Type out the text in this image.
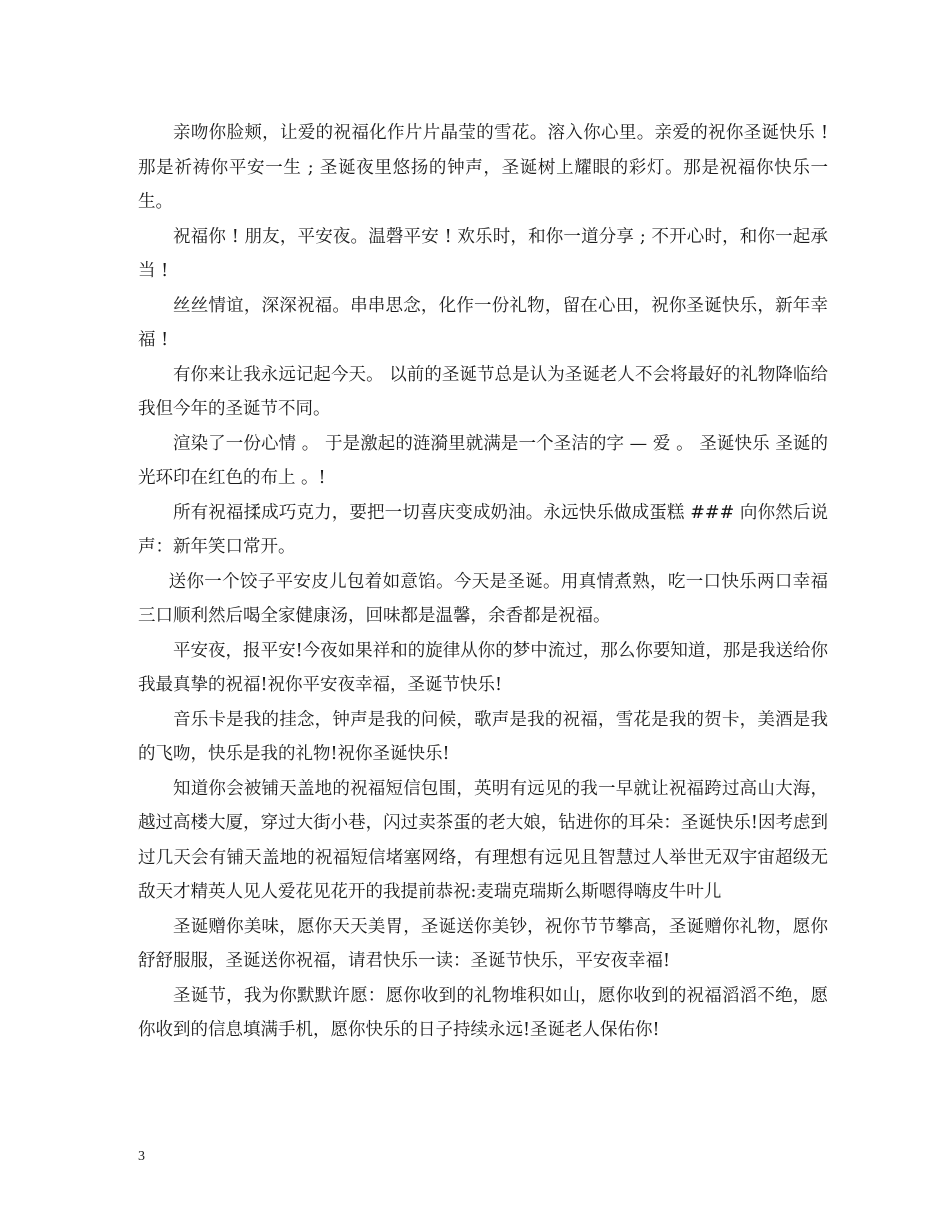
亲吻你脸颊，让爱的祝福化作片片晶莹的雪花。溶入你心里。亲爱的祝你圣诞快乐 !那是祈祷你平安一生 ; 圣诞夜里悠扬的钟声，圣诞树上耀眼的彩灯。那是祝福你快乐一生。

祝福你 ! 朋友，平安夜。温磬平安 ! 欢乐时，和你一道分享 ; 不开心时，和你一起承当 !

丝丝情谊，深深祝福。串串思念，化作一份礼物，留在心田，祝你圣诞快乐，新年幸福 !

有你来让我永远记起今天。 以前的圣诞节总是认为圣诞老人不会将最好的礼物降临给我但今年的圣诞节不同。

渲染了一份心情 。 于是激起的涟漪里就满是一个圣洁的字 — 爱 。 圣诞快乐 圣诞的光环印在红色的布上 。!

所有祝福揉成巧克力，要把一切喜庆变成奶油。永远快乐做成蛋糕 ### 向你然后说声：新年笑口常开。

送你一个饺子平安皮儿包着如意馅。今天是圣诞。用真情煮熟，吃一口快乐两口幸福三口顺利然后喝全家健康汤，回味都是温馨，余香都是祝福。

平安夜，报平安!今夜如果祥和的旋律从你的梦中流过，那么你要知道，那是我送给你我最真挚的祝福!祝你平安夜幸福，圣诞节快乐!

音乐卡是我的挂念，钟声是我的问候，歌声是我的祝福，雪花是我的贺卡，美酒是我的飞吻，快乐是我的礼物!祝你圣诞快乐!

知道你会被铺天盖地的祝福短信包围，英明有远见的我一早就让祝福跨过高山大海，越过高楼大厦，穿过大街小巷，闪过卖茶蛋的老大娘，钻进你的耳朵：圣诞快乐!因考虑到过几天会有铺天盖地的祝福短信堵塞网络，有理想有远见且智慧过人举世无双宇宙超级无敌天才精英人见人爱花见花开的我提前恭祝:麦瑞克瑞斯么斯嗯得嗨皮牛叶儿

圣诞赠你美味，愿你天天美胃，圣诞送你美钞，祝你节节攀高，圣诞赠你礼物，愿你舒舒服服，圣诞送你祝福，请君快乐一读：圣诞节快乐，平安夜幸福!

圣诞节，我为你默默许愿：愿你收到的礼物堆积如山，愿你收到的祝福滔滔不绝，愿你收到的信息填满手机，愿你快乐的日子持续永远!圣诞老人保佑你!

3
